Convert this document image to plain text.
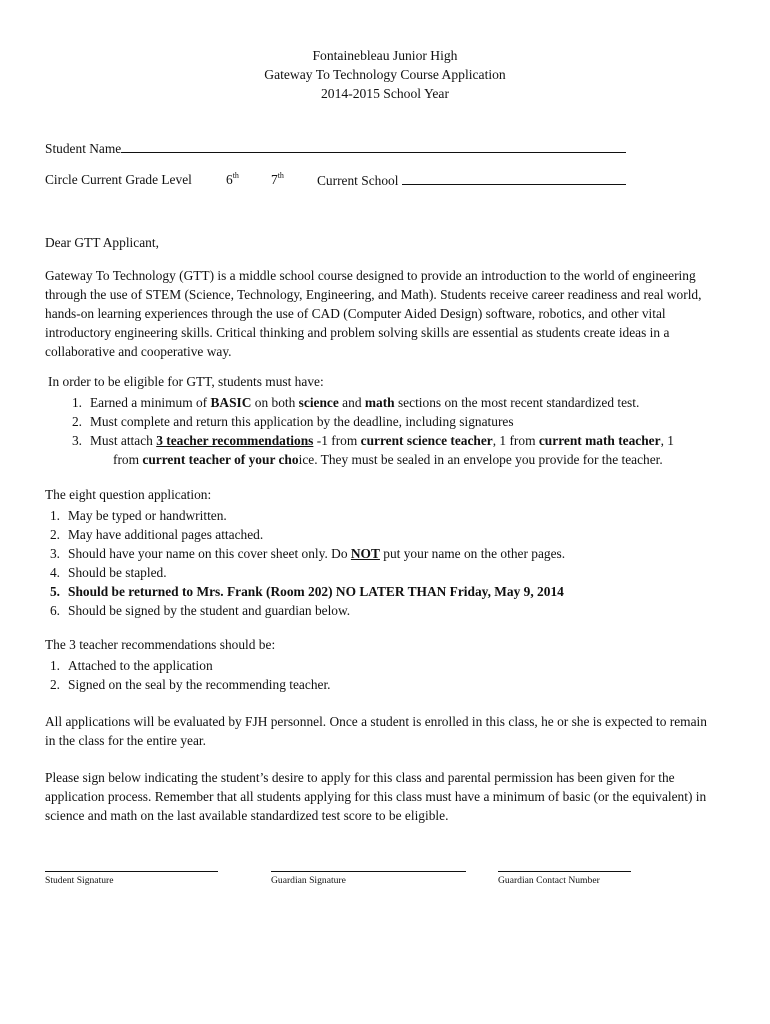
Fontainebleau Junior High
Gateway To Technology Course Application
2014-2015 School Year
Student Name
Circle Current Grade Level	6th 7th Current School
Dear GTT Applicant,

Gateway To Technology (GTT) is a middle school course designed to provide an introduction to the world of engineering through the use of STEM (Science, Technology, Engineering, and Math). Students receive career readiness and real world, hands-on learning experiences through the use of CAD (Computer Aided Design) software, robotics, and other vital introductory engineering skills. Critical thinking and problem solving skills are essential as students create ideas in a collaborative and cooperative way.

In order to be eligible for GTT, students must have:
1. Earned a minimum of BASIC on both science and math sections on the most recent standardized test.
2. Must complete and return this application by the deadline, including signatures
3. Must attach 3 teacher recommendations -1 from current science teacher, 1 from current math teacher, 1
from current teacher of your choice. They must be sealed in an envelope you provide for the teacher.
The eight question application:
1. May be typed or handwritten.
2. May have additional pages attached.
3. Should have your name on this cover sheet only. Do NOT put your name on the other pages.
4. Should be stapled.
5. Should be returned to Mrs. Frank (Room 202) NO LATER THAN Friday, May 9, 2014
6. Should be signed by the student and guardian below.
The 3 teacher recommendations should be:
1. Attached to the application
2. Signed on the seal by the recommending teacher.

All applications will be evaluated by FJH personnel. Once a student is enrolled in this class, he or she is expected to remain in the class for the entire year.

Please sign below indicating the student’s desire to apply for this class and parental permission has been given for the application process. Remember that all students applying for this class must have a minimum of basic (or the equivalent) in science and math on the last available standardized test score to be eligible.

Student Signature	Guardian Signature	Guardian Contact Number
